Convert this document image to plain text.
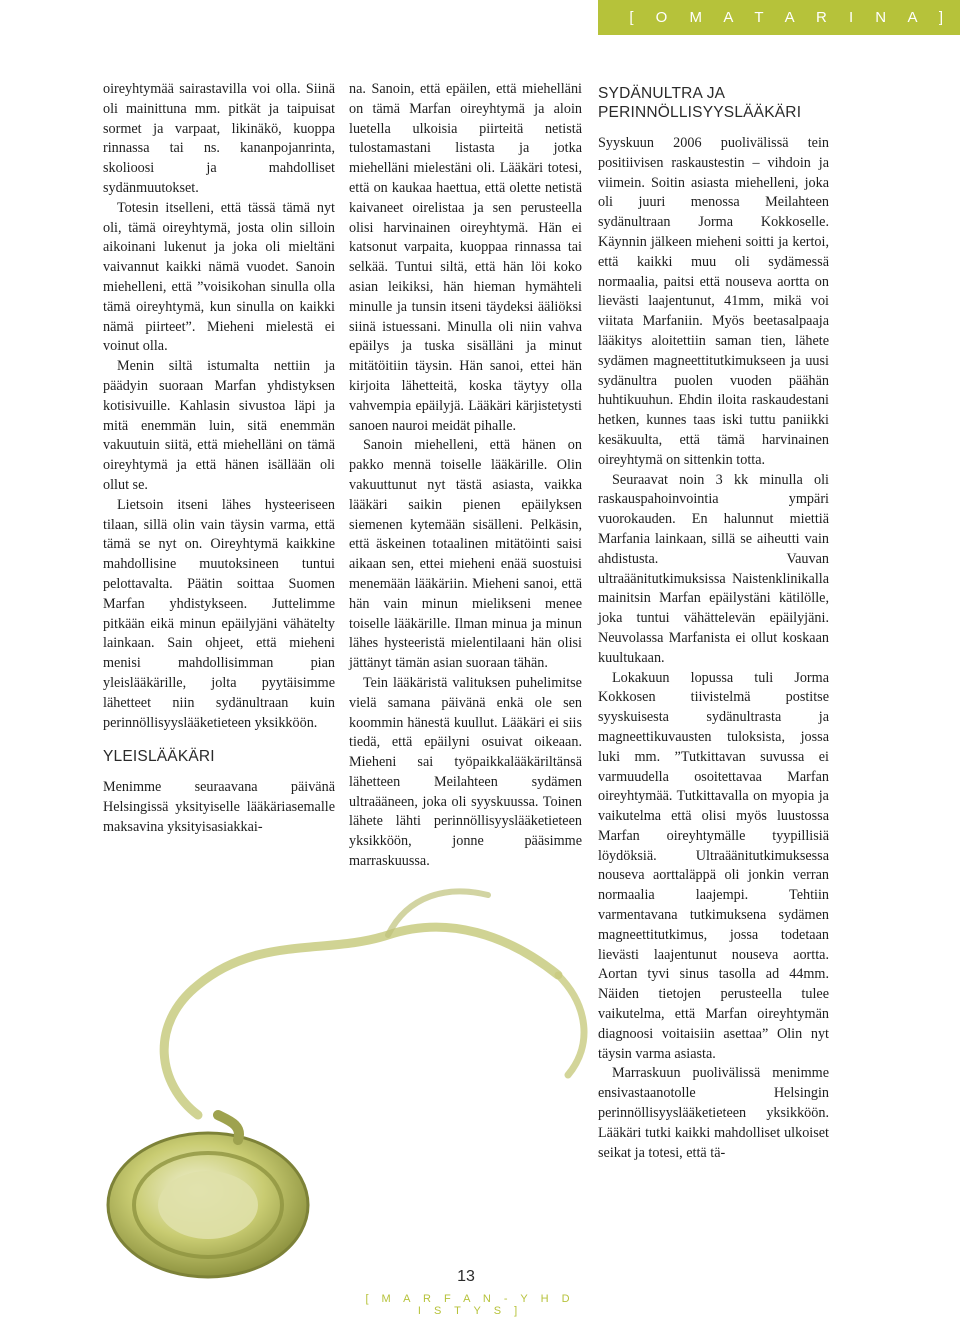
[ O M A T A R I N A ]

oireyhtymää sairastavilla voi olla. Siinä oli mainittuna mm. pitkät ja taipuisat sormet ja varpaat, likinäkö, kuoppa rinnassa tai ns. kananpojanrinta, skolioosi ja mahdolliset sydänmuutokset.

Totesin itselleni, että tässä tämä nyt oli, tämä oireyhtymä, josta olin silloin aikoinani lukenut ja joka oli mieltäni vaivannut kaikki nämä vuodet. Sanoin miehelleni, että ”voisikohan sinulla olla tämä oireyhtymä, kun sinulla on kaikki nämä piirteet”. Mieheni mielestä ei voinut olla.

Menin siltä istumalta nettiin ja päädyin suoraan Marfan yhdistyksen kotisivuille. Kahlasin sivustoa läpi ja mitä enemmän luin, sitä enemmän vakuutuin siitä, että miehelläni on tämä oireyhtymä ja että hänen isällään oli ollut se.

Lietsoin itseni lähes hysteeriseen tilaan, sillä olin vain täysin varma, että tämä se nyt on. Oireyhtymä kaikkine mahdollisine muutoksineen tuntui pelottavalta. Päätin soittaa Suomen Marfan yhdistykseen. Juttelimme pitkään eikä minun epäilyjäni vähätelty lainkaan. Sain ohjeet, että mieheni menisi mahdollisimman pian yleislääkärille, jolta pyytäisimme lähetteet niin sydänultraan kuin perinnöllisyyslääketieteen yksikköön.

YLEISLÄÄKÄRI

Menimme seuraavana päivänä Helsingissä yksityiselle lääkäriasemalle maksavina yksityisasiakkai-

na. Sanoin, että epäilen, että miehelläni on tämä Marfan oireyhtymä ja aloin luetella ulkoisia piirteitä netistä tulostamastani listasta ja jotka miehelläni mielestäni oli. Lääkäri totesi, että on kaukaa haettua, että olette netistä kaivaneet oirelistaa ja sen perusteella olisi harvinainen oireyhtymä. Hän ei katsonut varpaita, kuoppaa rinnassa tai selkää. Tuntui siltä, että hän löi koko asian leikiksi, hän hieman hymähteli minulle ja tunsin itseni täydeksi ääliöksi siinä istuessani. Minulla oli niin vahva epäilys ja tuska sisälläni ja minut mitätöitiin täysin. Hän sanoi, ettei hän kirjoita lähetteitä, koska täytyy olla vahvempia epäilyjä. Lääkäri kärjistetysti sanoen nauroi meidät pihalle.

Sanoin miehelleni, että hänen on pakko mennä toiselle lääkärille. Olin vakuuttunut nyt tästä asiasta, vaikka lääkäri saikin pienen epäilyksen siemenen kytemään sisälleni. Pelkäsin, että äskeinen totaalinen mitätöinti saisi aikaan sen, ettei mieheni enää suostuisi menemään lääkäriin. Mieheni sanoi, että hän vain minun mielikseni menee toiselle lääkärille. Ilman minua ja minun lähes hysteeristä mielentilaani hän olisi jättänyt tämän asian suoraan tähän.

Tein lääkäristä valituksen puhelimitse vielä samana päivänä enkä ole sen koommin hänestä kuullut. Lääkäri ei siis tiedä, että epäilyni osuivat oikeaan. Mieheni sai työpaikkalääkäriltänsä lähetteen Meilahteen sydämen ultraääneen, joka oli syyskuussa. Toinen lähete lähti perinnöllisyyslääketieteen yksikköön, jonne pääsimme marraskuussa.

SYDÄNULTRA JA PERINNÖLLISYYSLÄÄKÄRI

Syyskuun 2006 puolivälissä tein positiivisen raskaustestin – vihdoin ja viimein. Soitin asiasta miehelleni, joka oli juuri menossa Meilahteen sydänultraan Jorma Kokkoselle. Käynnin jälkeen mieheni soitti ja kertoi, että kaikki muu oli sydämessä normaalia, paitsi että nouseva aortta on lievästi laajentunut, 41mm, mikä voi viitata Marfaniin. Myös beetasalpaaja lääkitys aloitettiin saman tien, lähete sydämen magneettitutkimukseen ja uusi sydänultra puolen vuoden päähän huhtikuuhun. Ehdin iloita raskaudestani hetken, kunnes taas iski tuttu paniikki kesäkuulta, että tämä harvinainen oireyhtymä on sittenkin totta.

Seuraavat noin 3 kk minulla oli raskauspahoinvointia ympäri vuorokauden. En halunnut miettiä Marfania lainkaan, sillä se aiheutti vain ahdistusta. Vauvan ultraäänitutkimuksissa Naistenklinikalla mainitsin Marfan epäilystäni kätilölle, joka tuntui vähättelevän epäilyjäni. Neuvolassa Marfanista ei ollut koskaan kuultukaan.

Lokakuun lopussa tuli Jorma Kokkosen tiivistelmä postitse syyskuisesta sydänultrasta ja magneettikuvausten tuloksista, jossa luki mm. ”Tutkittavan suvussa ei varmuudella osoitettavaa Marfan oireyhtymää. Tutkittavalla on myopia ja vaikutelma että olisi myös luustossa Marfan oireyhtymälle tyypillisiä löydöksiä. Ultraäänitutkimuksessa nouseva aorttaläppä oli jonkin verran normaalia laajempi. Tehtiin varmentavana tutkimuksena sydämen magneettitutkimus, jossa todetaan lievästi laajentunut nouseva aortta. Aortan tyvi sinus tasolla ad 44mm. Näiden tietojen perusteella tulee vaikutelma, että Marfan oireyhtymän diagnoosi voitaisiin asettaa” Olin nyt täysin varma asiasta.

Marraskuun puolivälissä menimme ensivastaanotolle Helsingin perinnöllisyyslääketieteen yksikköön. Lääkäri tutki kaikki mahdolliset ulkoiset seikat ja totesi, että tä-

13
[ M A R F A N - Y H D I S T Y S ]
